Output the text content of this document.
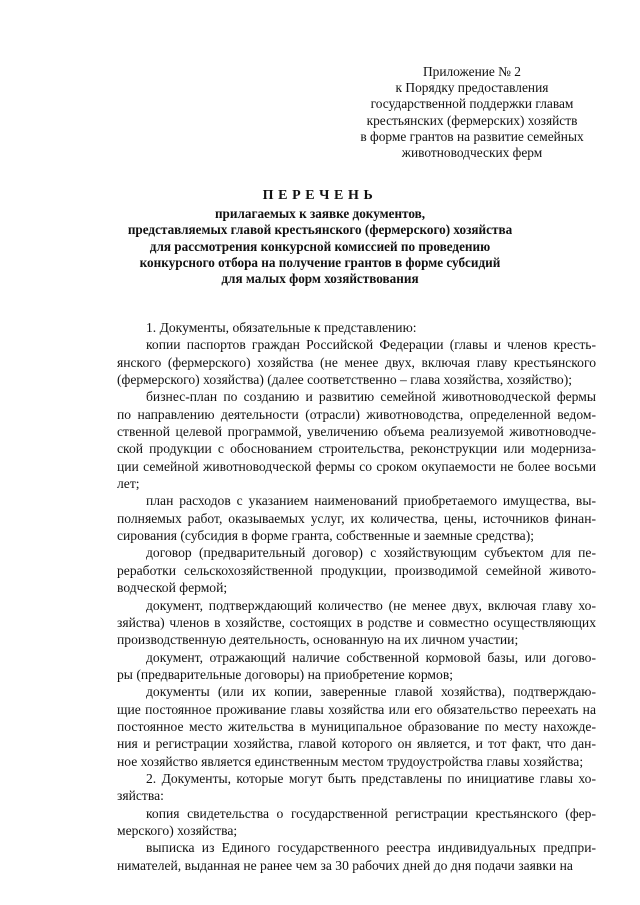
Приложение № 2
к Порядку предоставления
государственной поддержки главам
крестьянских (фермерских) хозяйств
в форме грантов на развитие семейных
животноводческих ферм
ПЕРЕЧЕНЬ
прилагаемых к заявке документов,
представляемых главой крестьянского (фермерского) хозяйства
для рассмотрения конкурсной комиссией по проведению
конкурсного отбора на получение грантов в форме субсидий
для малых форм хозяйствования
1. Документы, обязательные к представлению:
копии паспортов граждан Российской Федерации (главы и членов кресть-
янского (фермерского) хозяйства (не менее двух, включая главу крестьянского
(фермерского) хозяйства) (далее соответственно – глава хозяйства, хозяйство);
бизнес-план по созданию и развитию семейной животноводческой фермы
по направлению деятельности (отрасли) животноводства, определенной ведом-
ственной целевой программой, увеличению объема реализуемой животноводче-
ской продукции с обоснованием строительства, реконструкции или модерниза-
ции семейной животноводческой фермы со сроком окупаемости не более восьми
лет;
план расходов с указанием наименований приобретаемого имущества, вы-
полняемых работ, оказываемых услуг, их количества, цены, источников финан-
сирования (субсидия в форме гранта, собственные и заемные средства);
договор (предварительный договор) с хозяйствующим субъектом для пе-
реработки сельскохозяйственной продукции, производимой семейной живото-
водческой фермой;
документ, подтверждающий количество (не менее двух, включая главу хо-
зяйства) членов в хозяйстве, состоящих в родстве и совместно осуществляющих
производственную деятельность, основанную на их личном участии;
документ, отражающий наличие собственной кормовой базы, или догово-
ры (предварительные договоры) на приобретение кормов;
документы (или их копии, заверенные главой хозяйства), подтверждаю-
щие постоянное проживание главы хозяйства или его обязательство переехать на
постоянное место жительства в муниципальное образование по месту нахожде-
ния и регистрации хозяйства, главой которого он является, и тот факт, что дан-
ное хозяйство является единственным местом трудоустройства главы хозяйства;
2. Документы, которые могут быть представлены по инициативе главы хо-
зяйства:
копия свидетельства о государственной регистрации крестьянского (фер-
мерского) хозяйства;
выписка из Единого государственного реестра индивидуальных предпри-
нимателей, выданная не ранее чем за 30 рабочих дней до дня подачи заявки на
